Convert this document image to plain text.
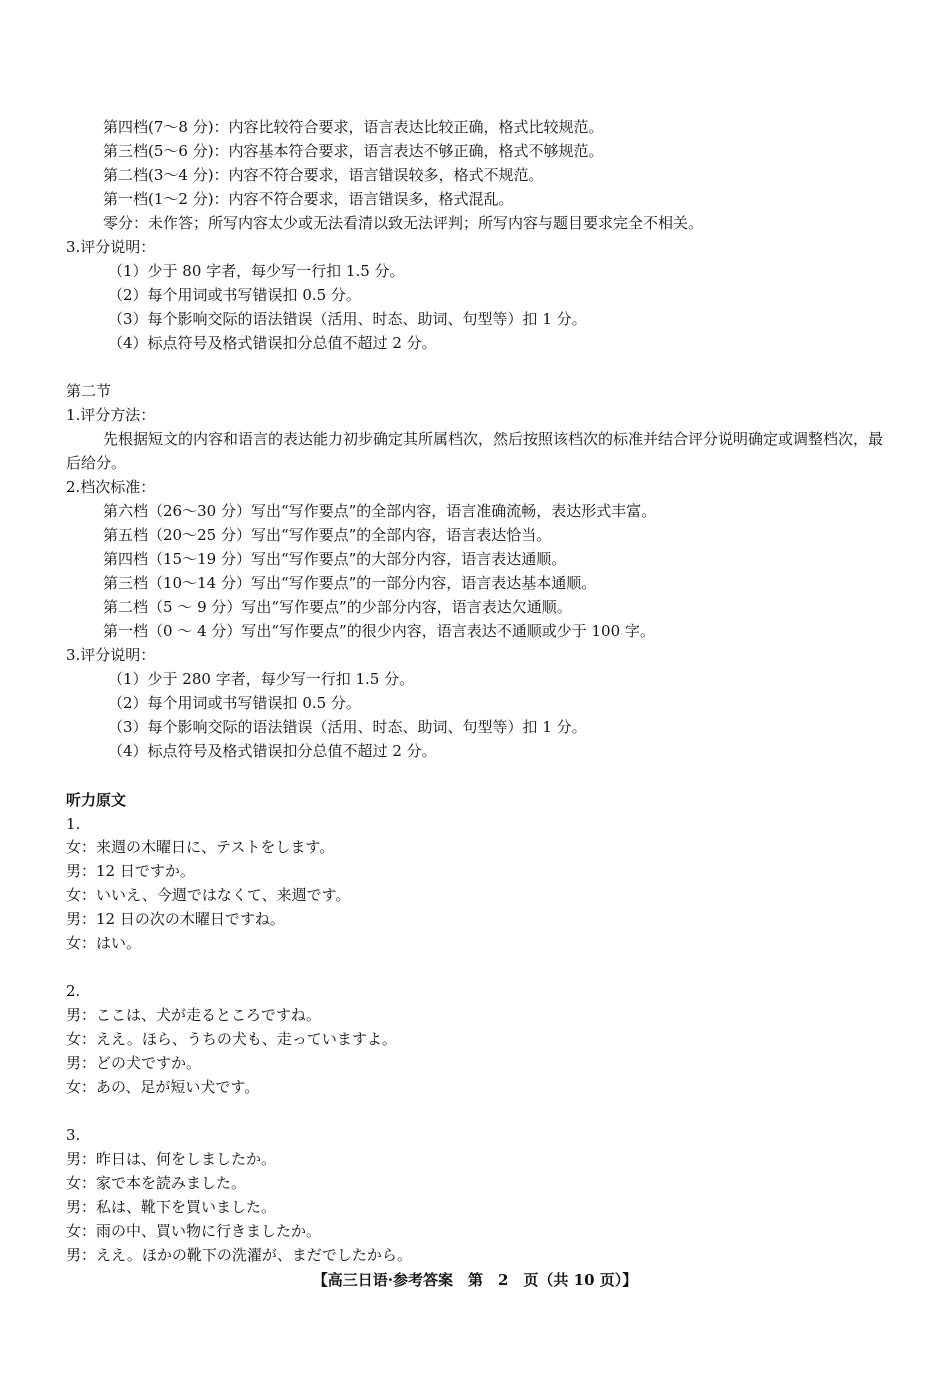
第四档(7～8 分)：内容比较符合要求，语言表达比较正确，格式比较规范。
第三档(5～6 分)：内容基本符合要求，语言表达不够正确，格式不够规范。
第二档(3～4 分)：内容不符合要求，语言错误较多，格式不规范。
第一档(1～2 分)：内容不符合要求，语言错误多，格式混乱。
零分：未作答；所写内容太少或无法看清以致无法评判；所写内容与题目要求完全不相关。
3.评分说明：
（1）少于 80 字者，每少写一行扣 1.5 分。
（2）每个用词或书写错误扣 0.5 分。
（3）每个影响交际的语法错误（活用、时态、助词、句型等）扣 1 分。
（4）标点符号及格式错误扣分总值不超过 2 分。
第二节
1.评分方法：
先根据短文的内容和语言的表达能力初步确定其所属档次，然后按照该档次的标准并结合评分说明确定或调整档次，最后给分。
2.档次标准：
第六档（26～30 分）写出“写作要点”的全部内容，语言准确流畅，表达形式丰富。
第五档（20～25 分）写出“写作要点”的全部内容，语言表达恰当。
第四档（15～19 分）写出“写作要点”的大部分内容，语言表达通顺。
第三档（10～14 分）写出“写作要点”的一部分内容，语言表达基本通顺。
第二档（5 ～ 9 分）写出“写作要点”的少部分内容，语言表达欠通顺。
第一档（0 ～ 4 分）写出“写作要点”的很少内容，语言表达不通顺或少于 100 字。
3.评分说明：
（1）少于 280 字者，每少写一行扣 1.5 分。
（2）每个用词或书写错误扣 0.5 分。
（3）每个影响交际的语法错误（活用、时态、助词、句型等）扣 1 分。
（4）标点符号及格式错误扣分总值不超过 2 分。
听力原文
1.
女：来週の木曜日に、テストをします。
男：12 日ですか。
女：いいえ、今週ではなくて、来週です。
男：12 日の次の木曜日ですね。
女：はい。
2.
男：ここは、犬が走るところですね。
女：ええ。ほら、うちの犬も、走っていますよ。
男：どの犬ですか。
女：あの、足が短い犬です。
3.
男：昨日は、何をしましたか。
女：家で本を読みました。
男：私は、靴下を買いました。
女：雨の中、買い物に行きましたか。
男：ええ。ほかの靴下の洗濯が、まだでしたから。
【高三日语·参考答案　第　2　页（共 10 页）】
